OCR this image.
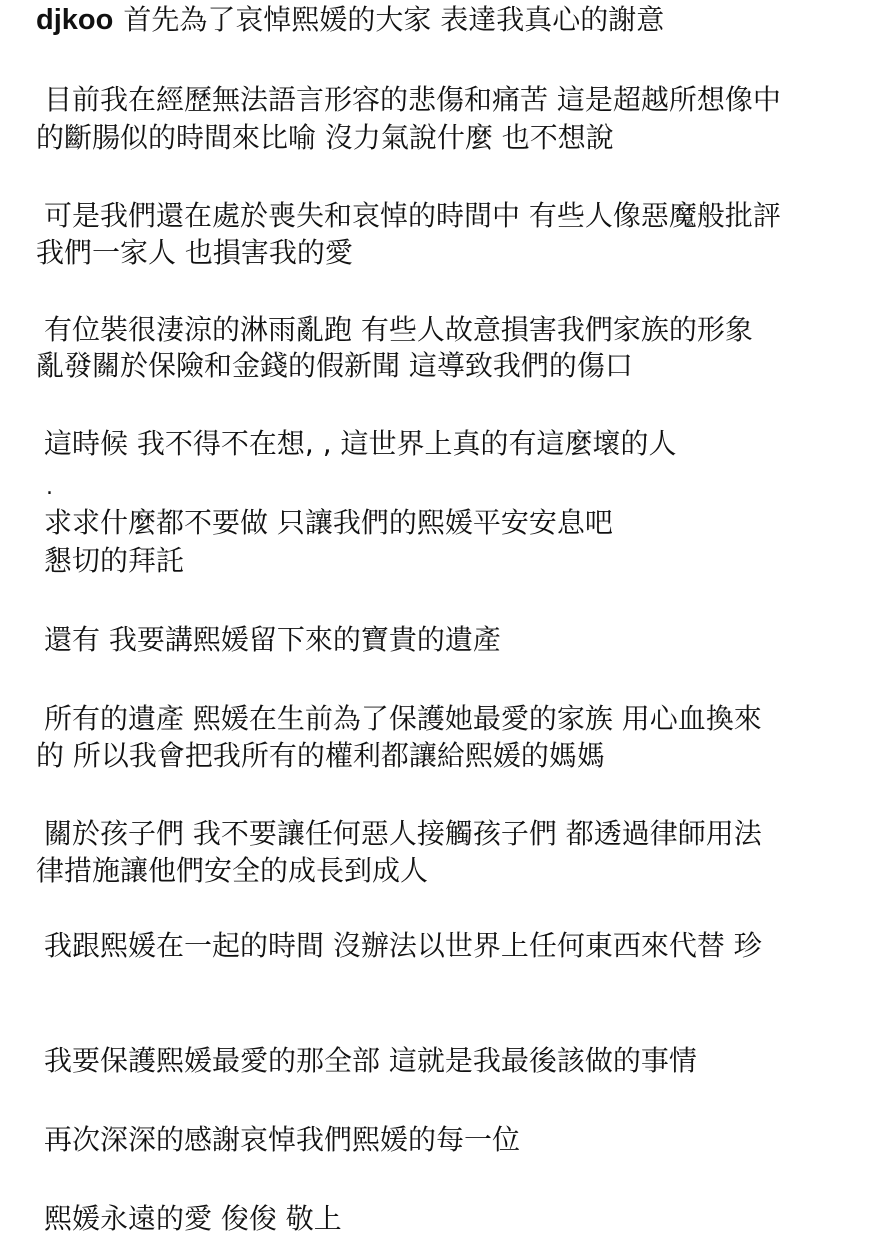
djkoo 首先為了哀悼熙媛的大家 表達我真心的謝意

目前我在經歷無法語言形容的悲傷和痛苦 這是超越所想像中

的斷腸似的時間來比喻 沒力氣說什麼 也不想說

可是我們還在處於喪失和哀悼的時間中 有些人像惡魔般批評

我們一家人 也損害我的愛

有位裝很淒涼的淋雨亂跑 有些人故意損害我們家族的形象

亂發關於保險和金錢的假新聞 這導致我們的傷口

這時候 我不得不在想, , 這世界上真的有這麼壞的人

.

求求什麼都不要做 只讓我們的熙媛平安安息吧

懇切的拜託

還有 我要講熙媛留下來的寶貴的遺產

所有的遺產 熙媛在生前為了保護她最愛的家族 用心血換來

的 所以我會把我所有的權利都讓給熙媛的媽媽

關於孩子們 我不要讓任何惡人接觸孩子們 都透過律師用法

律措施讓他們安全的成長到成人

我跟熙媛在一起的時間 沒辦法以世界上任何東西來代替 珍

我要保護熙媛最愛的那全部 這就是我最後該做的事情

再次深深的感謝哀悼我們熙媛的每一位

熙媛永遠的愛 俊俊 敬上
